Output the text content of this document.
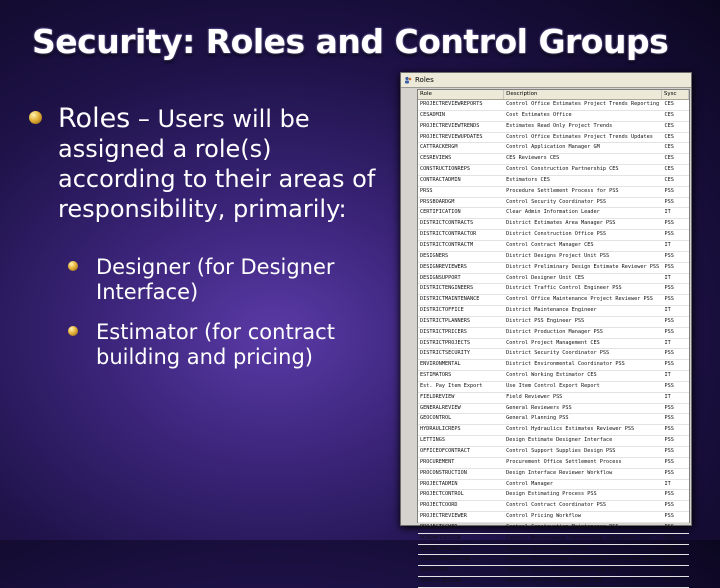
Security: Roles and Control Groups

Roles – Users will be assigned a role(s) according to their areas of responsibility, primarily:

Designer (for Designer Interface)
Estimator (for contract building and pricing)
Roles
Role	Description	Sysc
PROJECTREVIEWREPORTS	Control Office Estimates Project Trends Reporting	CES
CESADMIN	Cost Estimates Office	CES
PROJECTREVIEWTRENDS	Estimates Read Only Project Trends	CES
PROJECTREVIEWUPDATES	Control Office Estimates Project Trends Updates	CES
CATTRACKERGM	Control Application Manager GM	CES
CESREVIEWS	CES Reviewers CES	CES
CONSTRUCTIONREPS	Control Construction Partnership CES	CES
CONTRACTADMIN	Estimators CES	CES
PRSS	Procedure Settlement Process for PSS	PSS
PRSSBOARDGM	Control Security Coordinator PSS	PSS
CERTIFICATION	Clear Admin Information Leader	IT
DISTRICTCONTRACTS	District Estimates Area Manager PSS	PSS
DISTRICTCONTRACTOR	District Construction Office PSS	PSS
DISTRICTCONTRACTM	Control Contract Manager CES	IT
DESIGNERS	District Designs Project Unit PSS	PSS
DESIGNREVIEWERS	District Preliminary Design Estimate Reviewer PSS	PSS
DESIGNSUPPORT	Control Designer Unit CES	IT
DISTRICTENGINEERS	District Traffic Control Engineer PSS	PSS
DISTRICTMAINTENANCE	Control Office Maintenance Project Reviewer PSS	PSS
DISTRICTOFFICE	District Maintenance Engineer	IT
DISTRICTPLANNERS	District PSS Engineer PSS	PSS
DISTRICTPRICERS	District Production Manager PSS	PSS
DISTRICTPROJECTS	Control Project Management CES	IT
DISTRICTSECURITY	District Security Coordinator PSS	PSS
ENVIRONMENTAL	District Environmental Coordinator PSS	PSS
ESTIMATORS	Control Working Estimator CES	IT
Est. Pay Item Export	Use Item Control Export Report	PSS
FIELDREVIEW	Field Reviewer PSS	IT
GENERALREVIEW	General Reviewers PSS	PSS
GEOCONTROL	General Planning PSS	PSS
HYDRAULICREPS	Control Hydraulics Estimates Reviewer PSS	PSS
LETTINGS	Design Estimate Designer Interface	PSS
OFFICEOFCONTRACT	Control Support Supplies Design PSS	PSS
PROCUREMENT	Procurement Office Settlement Process	PSS
PROCONSTRUCTION	Design Interface Reviewer Workflow	PSS
PROJECTADMIN	Control Manager	IT
PROJECTCONTROL	Design Estimating Process PSS	PSS
PROJECTCOORD	Control Contract Coordinator PSS	PSS
PROJECTREVIEWER	Control Pricing Workflow	PSS
PROJECTSCHED	Control Construction Maintenance PSS	PSS
ROADWAYDESIGN	Control Maintenance Partnership Contractor PSS	PSS
SECURITYADMIN	Control Security Admin PSS	PSS
STRUCTURALDESIGN	Control Construction Partnership Contractor PSS	PSS
SURVEYORS	Control Construction Partnership CES	PSS
TRAFFICDESIGN	Control Traffic Design Unit CES	IT
